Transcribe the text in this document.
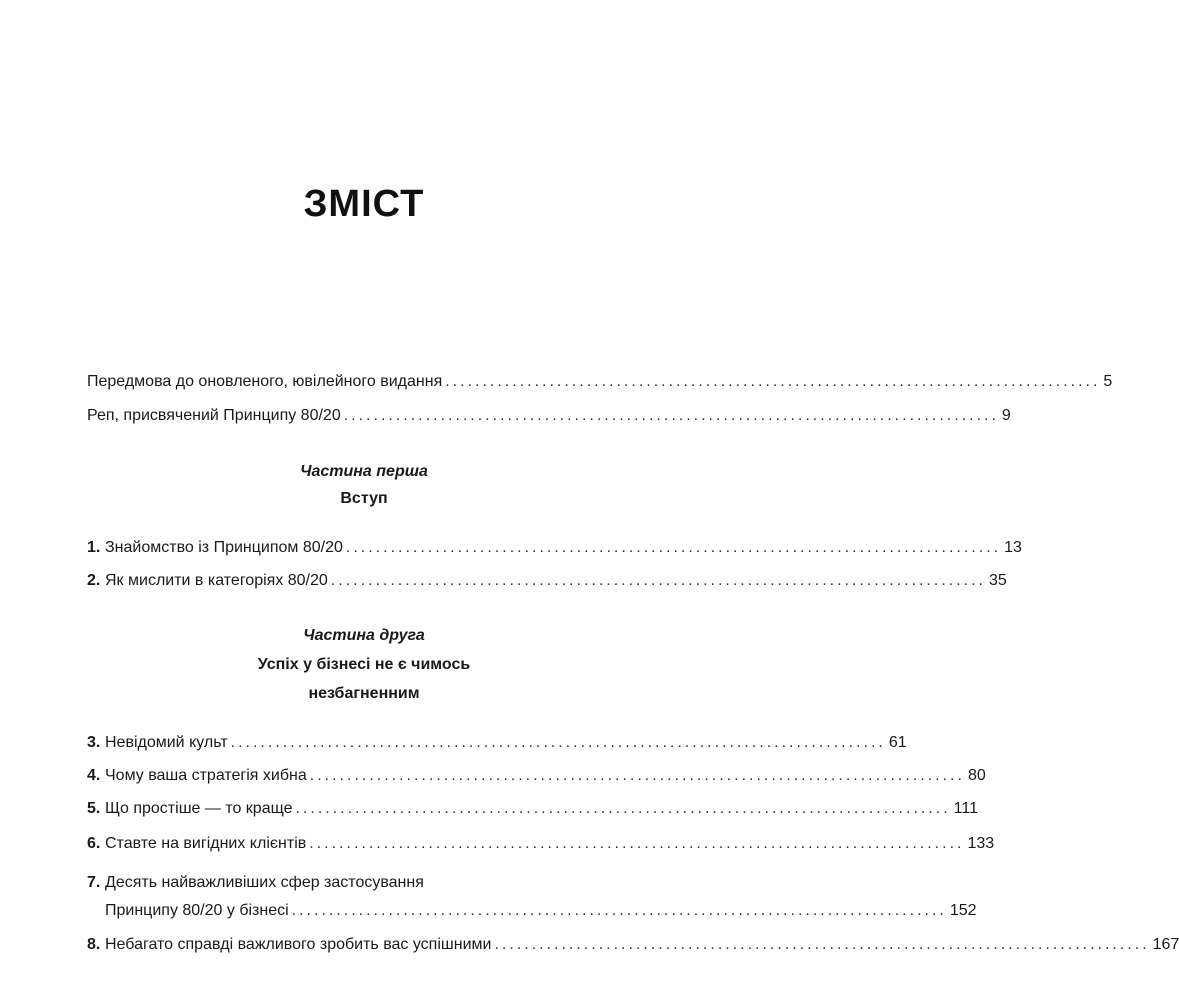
ЗМІСТ
Передмова до оновленого, ювілейного видання ........................................................................................ 5
Реп, присвячений Принципу 80/20 ........................................................................................ 9
Частина перша
Вступ
1. Знайомство із Принципом 80/20 ........................................................................................ 13
2. Як мислити в категоріях 80/20 ........................................................................................ 35
Частина друга
Успіх у бізнесі не є чимось
незбагненним
3. Невідомий культ ........................................................................................ 61
4. Чому ваша стратегія хибна ........................................................................................ 80
5. Що простіше — то краще ........................................................................................ 111
6. Ставте на вигідних клієнтів ........................................................................................ 133
7. Десять найважливіших сфер застосування
Принципу 80/20 у бізнесі ........................................................................................ 152
8. Небагато справді важливого зробить вас успішними ........................................................................................ 167
